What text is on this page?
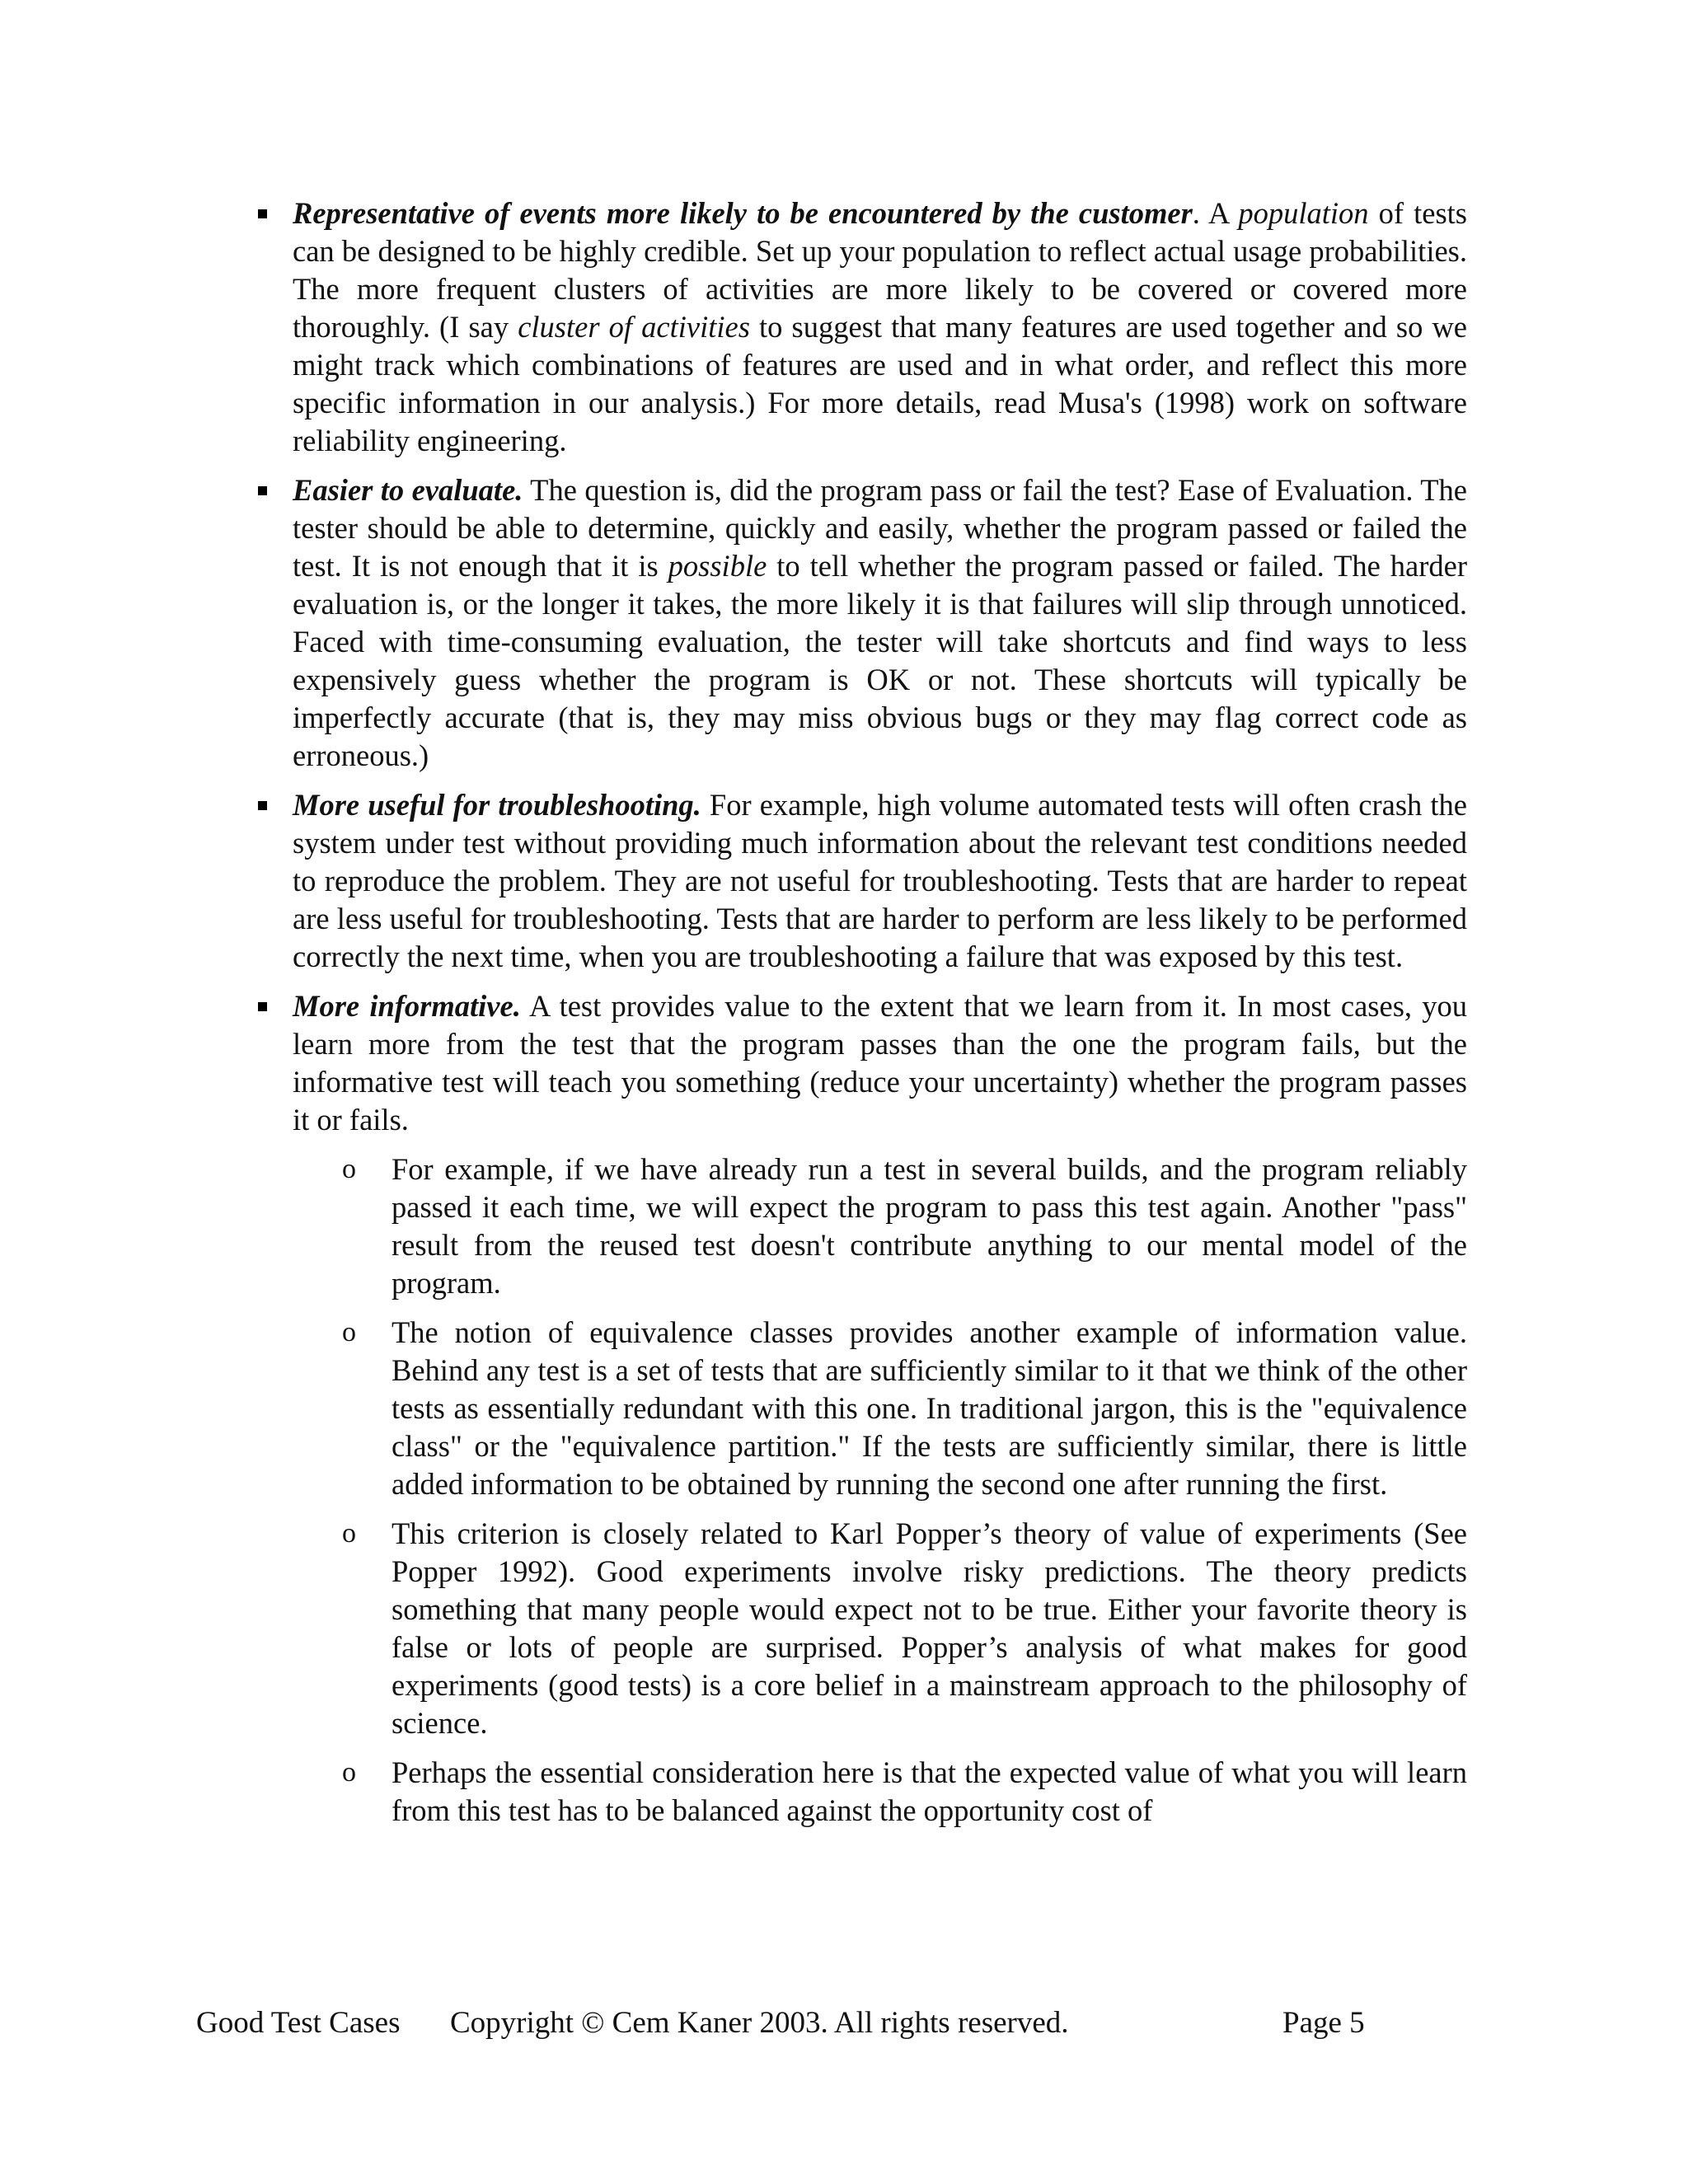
Representative of events more likely to be encountered by the customer. A population of tests can be designed to be highly credible. Set up your population to reflect actual usage probabilities. The more frequent clusters of activities are more likely to be covered or covered more thoroughly. (I say cluster of activities to suggest that many features are used together and so we might track which combinations of features are used and in what order, and reflect this more specific information in our analysis.) For more details, read Musa's (1998) work on software reliability engineering.
Easier to evaluate. The question is, did the program pass or fail the test? Ease of Evaluation. The tester should be able to determine, quickly and easily, whether the program passed or failed the test. It is not enough that it is possible to tell whether the program passed or failed. The harder evaluation is, or the longer it takes, the more likely it is that failures will slip through unnoticed. Faced with time-consuming evaluation, the tester will take shortcuts and find ways to less expensively guess whether the program is OK or not. These shortcuts will typically be imperfectly accurate (that is, they may miss obvious bugs or they may flag correct code as erroneous.)
More useful for troubleshooting. For example, high volume automated tests will often crash the system under test without providing much information about the relevant test conditions needed to reproduce the problem. They are not useful for troubleshooting. Tests that are harder to repeat are less useful for troubleshooting. Tests that are harder to perform are less likely to be performed correctly the next time, when you are troubleshooting a failure that was exposed by this test.
More informative. A test provides value to the extent that we learn from it. In most cases, you learn more from the test that the program passes than the one the program fails, but the informative test will teach you something (reduce your uncertainty) whether the program passes it or fails.
o For example, if we have already run a test in several builds, and the program reliably passed it each time, we will expect the program to pass this test again. Another "pass" result from the reused test doesn't contribute anything to our mental model of the program.
o The notion of equivalence classes provides another example of information value. Behind any test is a set of tests that are sufficiently similar to it that we think of the other tests as essentially redundant with this one. In traditional jargon, this is the "equivalence class" or the "equivalence partition." If the tests are sufficiently similar, there is little added information to be obtained by running the second one after running the first.
o This criterion is closely related to Karl Popper’s theory of value of experiments (See Popper 1992). Good experiments involve risky predictions. The theory predicts something that many people would expect not to be true. Either your favorite theory is false or lots of people are surprised. Popper’s analysis of what makes for good experiments (good tests) is a core belief in a mainstream approach to the philosophy of science.
o Perhaps the essential consideration here is that the expected value of what you will learn from this test has to be balanced against the opportunity cost of
Good Test Cases Copyright © Cem Kaner 2003. All rights reserved.	Page 5
